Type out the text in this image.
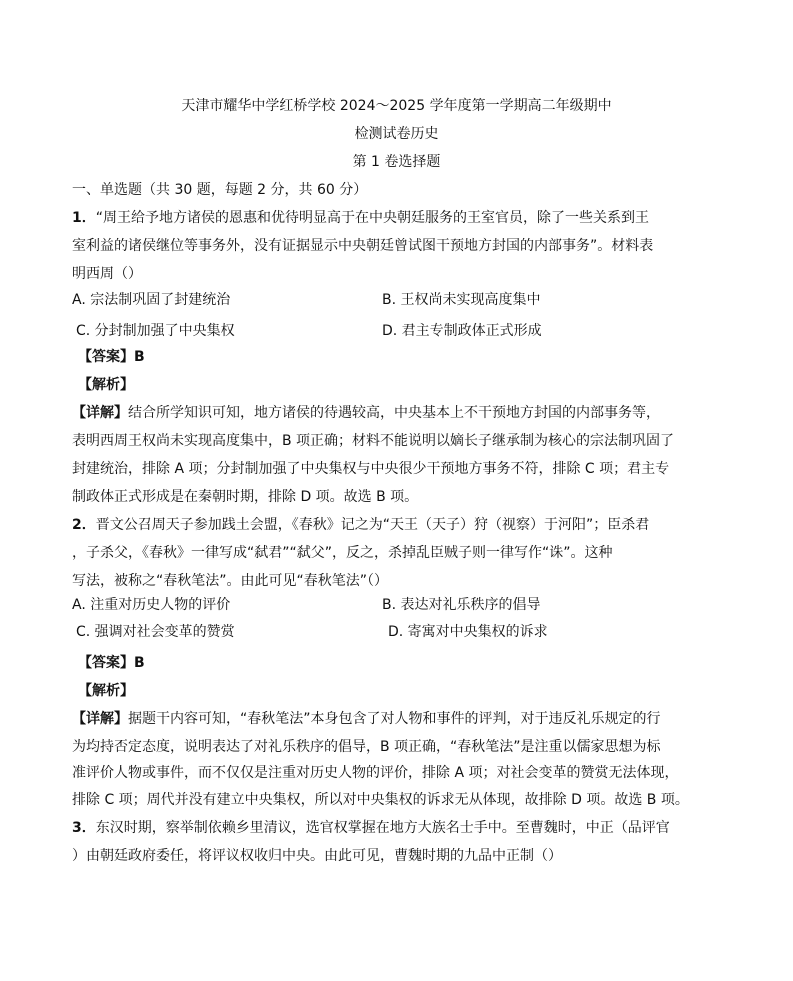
天津市耀华中学红桥学校 2024～2025 学年度第一学期高二年级期中
检测试卷历史
第 1 卷选择题
一、单选题（共 30 题，每题 2 分，共 60 分）
1．“周王给予地方诸侯的恩惠和优待明显高于在中央朝廷服务的王室官员，除了一些关系到王
室利益的诸侯继位等事务外，没有证据显示中央朝廷曾试图干预地方封国的内部事务”。材料表
明西周（）
A. 宗法制巩固了封建统治	B. 王权尚未实现高度集中
C. 分封制加强了中央集权	D. 君主专制政体正式形成
【答案】B
【解析】
【详解】结合所学知识可知，地方诸侯的待遇较高，中央基本上不干预地方封国的内部事务等，
表明西周王权尚未实现高度集中，B 项正确；材料不能说明以嫡长子继承制为核心的宗法制巩固了
封建统治，排除 A 项；分封制加强了中央集权与中央很少干预地方事务不符，排除 C 项；君主专
制政体正式形成是在秦朝时期，排除 D 项。故选 B 项。
2．晋文公召周天子参加践土会盟，《春秋》记之为“天王（天子）狩（视察）于河阳”；臣杀君
，子杀父，《春秋》一律写成“弑君”“弑父”，反之，杀掉乱臣贼子则一律写作“诛”。这种
写法，被称之“春秋笔法”。由此可见“春秋笔法”（）
A. 注重对历史人物的评价	B. 表达对礼乐秩序的倡导
C. 强调对社会变革的赞赏	D. 寄寓对中央集权的诉求
【答案】B
【解析】
【详解】据题干内容可知，“春秋笔法”本身包含了对人物和事件的评判，对于违反礼乐规定的行
为均持否定态度，说明表达了对礼乐秩序的倡导，B 项正确，“春秋笔法”是注重以儒家思想为标
准评价人物或事件，而不仅仅是注重对历史人物的评价，排除 A 项；对社会变革的赞赏无法体现，
排除 C 项；周代并没有建立中央集权，所以对中央集权的诉求无从体现，故排除 D 项。故选 B 项。
3．东汉时期，察举制依赖乡里清议，选官权掌握在地方大族名士手中。至曹魏时，中正（品评官
）由朝廷政府委任，将评议权收归中央。由此可见，曹魏时期的九品中正制（）
